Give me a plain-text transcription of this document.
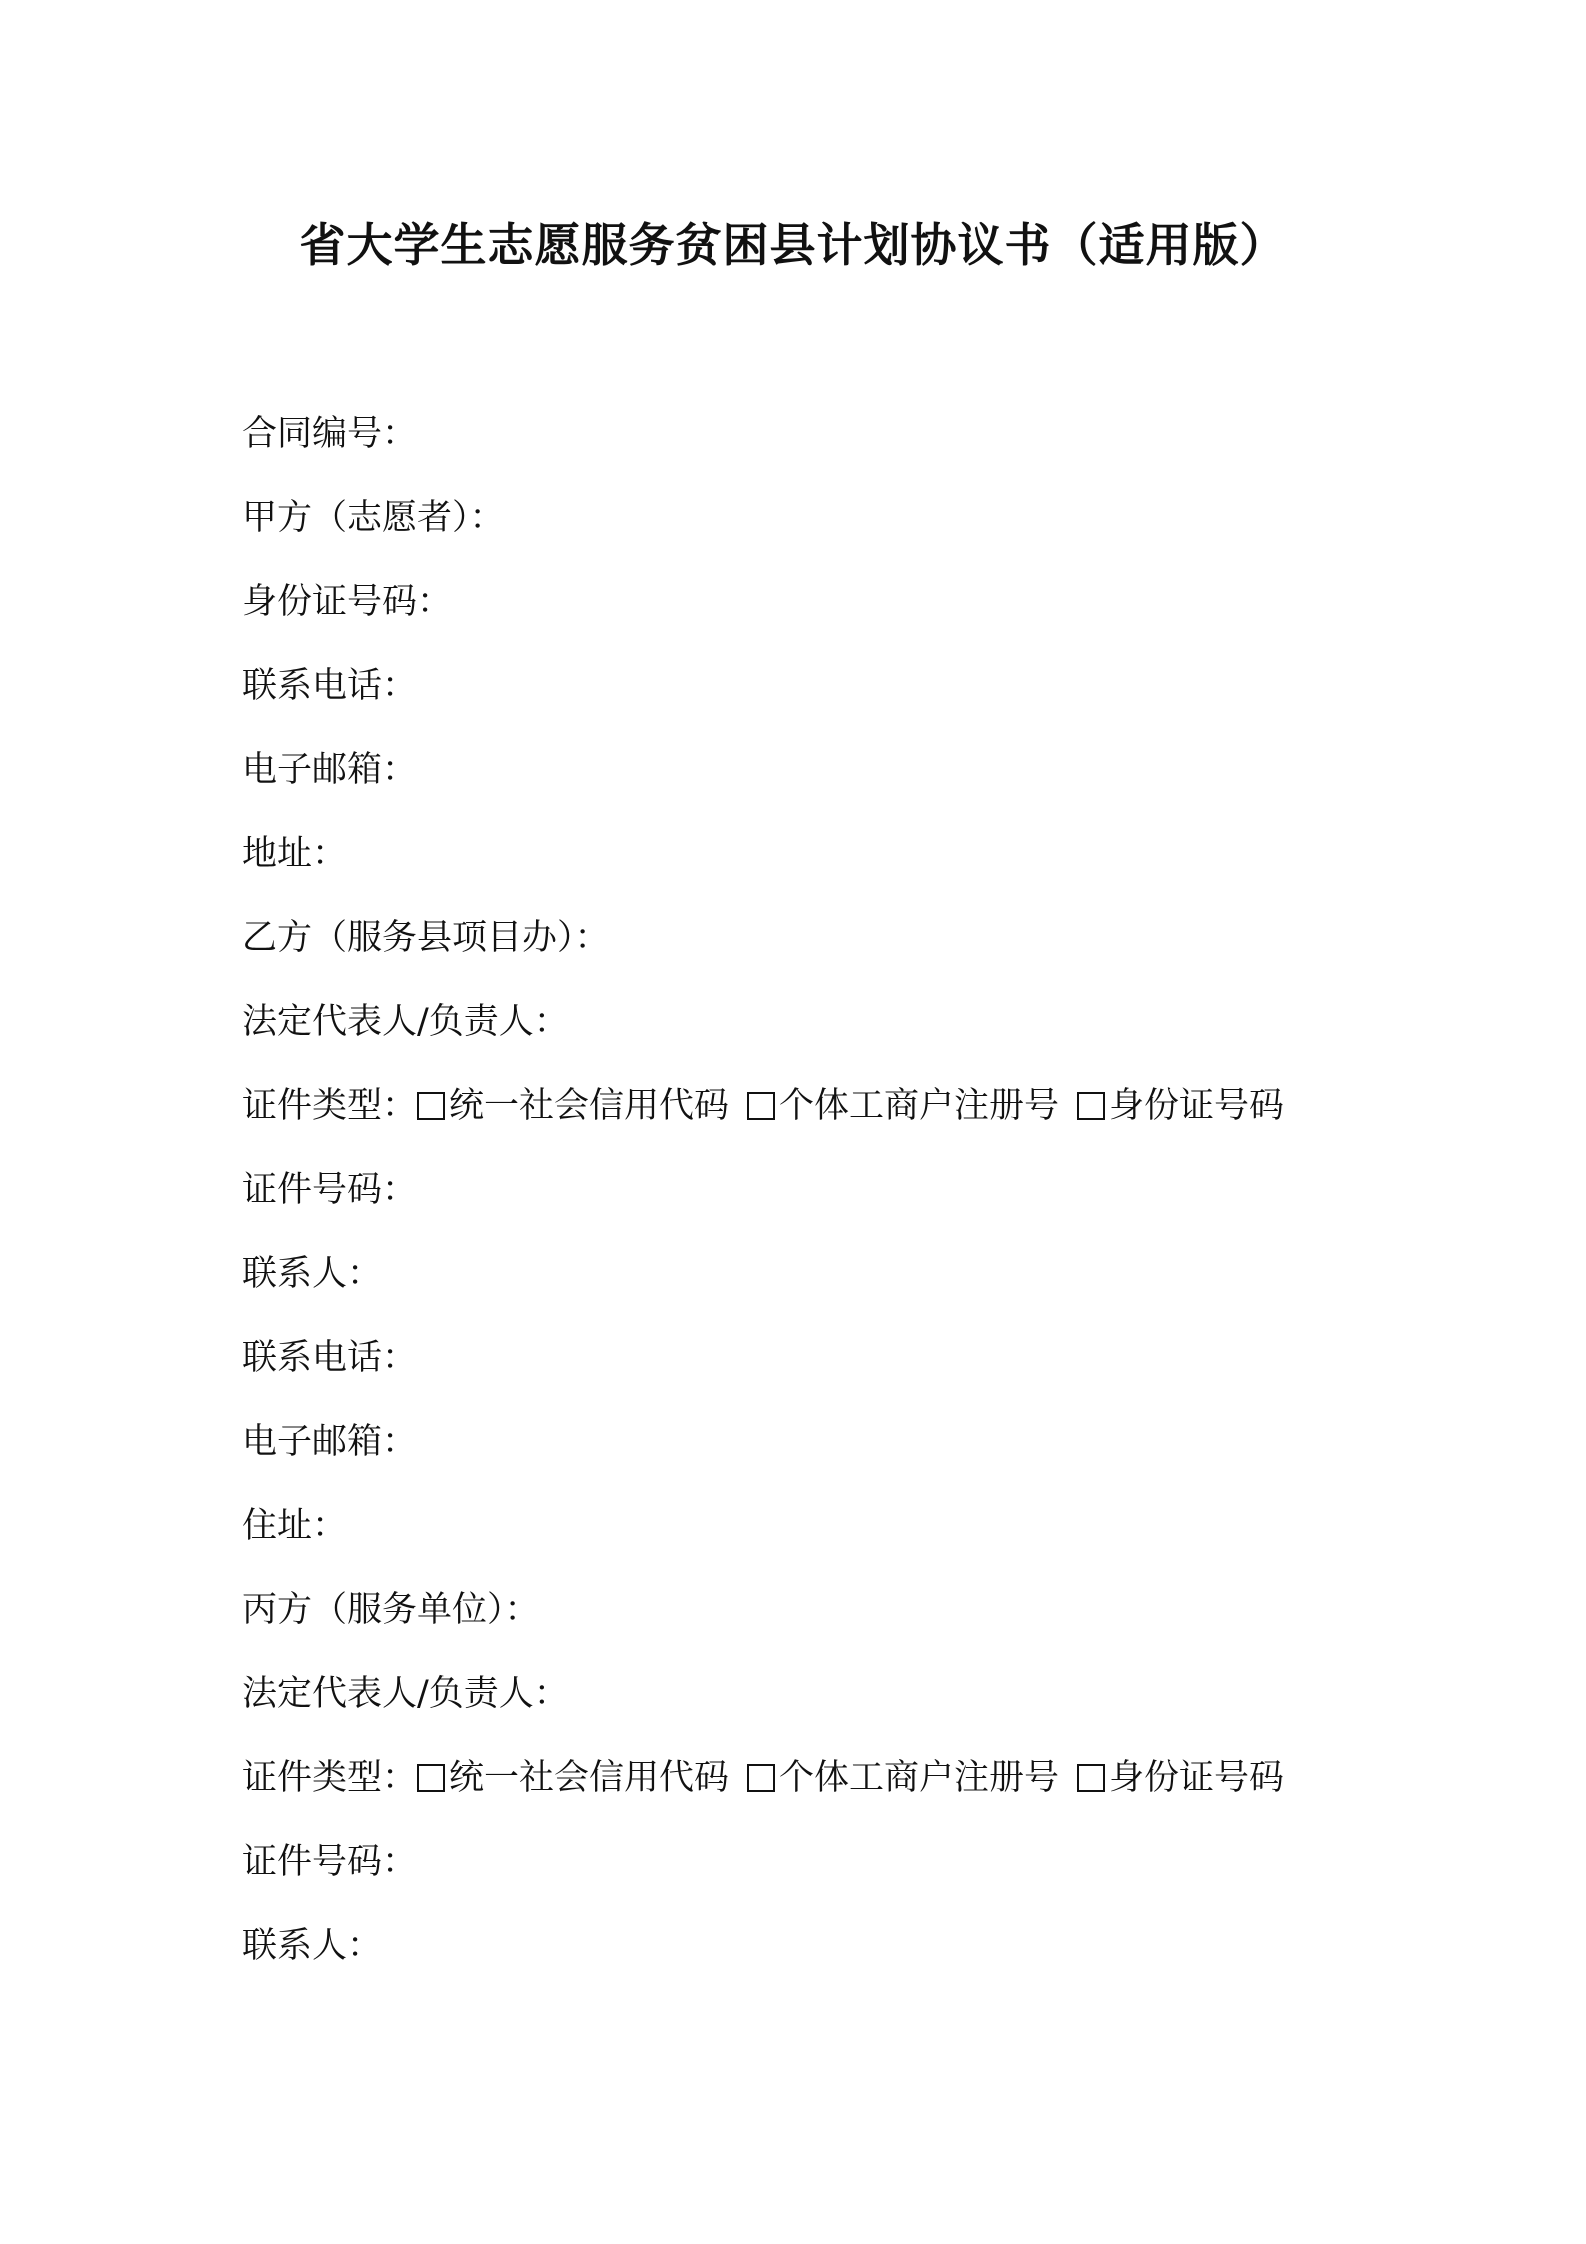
省大学生志愿服务贫困县计划协议书（适用版）
合同编号：
甲方（志愿者）：
身份证号码：
联系电话：
电子邮箱：
地址：
乙方（服务县项目办）：
法定代表人/负责人：
证件类型： 统一社会信用代码 个体工商户注册号 身份证号码
证件号码：
联系人：
联系电话：
电子邮箱：
住址：
丙方（服务单位）：
法定代表人/负责人：
证件类型： 统一社会信用代码 个体工商户注册号 身份证号码
证件号码：
联系人：
